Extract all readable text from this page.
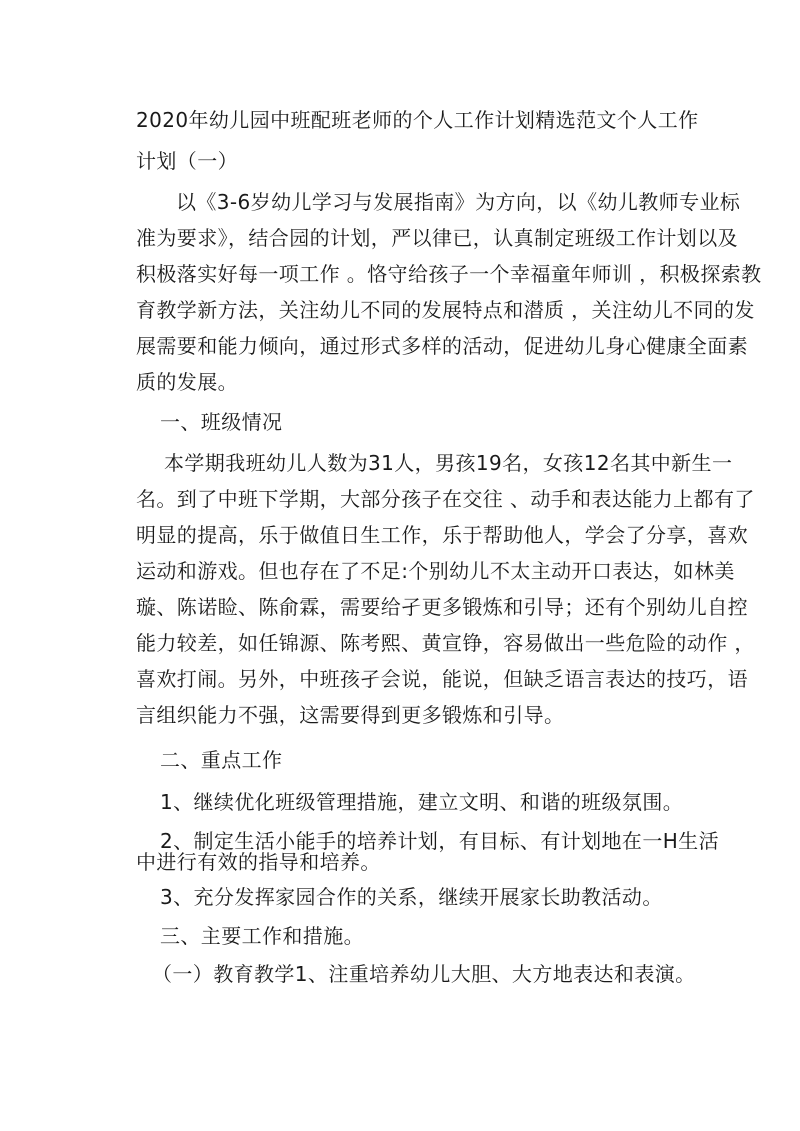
2020年幼儿园中班配班老师的个人工作计划精选范文个人工作
计划（一）
以《3-6岁幼儿学习与发展指南》为方向，以《幼儿教师专业标
准为要求》，结合园的计划，严以律已，认真制定班级工作计划以及
积极落实好每一项工作 。恪守给孩子一个幸福童年师训 ，积极探索教
育教学新方法，关注幼儿不同的发展特点和潜质 ，关注幼儿不同的发
展需要和能力倾向，通过形式多样的活动，促进幼儿身心健康全面素
质的发展。
一、班级情况
本学期我班幼儿人数为31人，男孩19名，女孩12名其中新生一
名。到了中班下学期，大部分孩子在交往 、动手和表达能力上都有了
明显的提高，乐于做值日生工作，乐于帮助他人，学会了分享，喜欢
运动和游戏。但也存在了不足:个别幼儿不太主动开口表达，如林美
璇、陈诺睑、陈俞霖，需要给孑更多锻炼和引导；还有个别幼儿自控
能力较差，如任锦源、陈考熙、黄宣铮，容易做出一些危险的动作 ，
喜欢打闹。另外，中班孩孑会说，能说，但缺乏语言表达的技巧，语
言组织能力不强，这需要得到更多锻炼和引导。
二、重点工作
1、继续优化班级管理措施，建立文明、和谐的班级氛围。
2、制定生活小能手的培养计划，有目标、有计划地在一H生活
中进行有效的指导和培养。
3、充分发挥家园合作的关系，继续开展家长助教活动。
三、主要工作和措施。
（一）教育教学1、注重培养幼儿大胆、大方地表达和表演。
